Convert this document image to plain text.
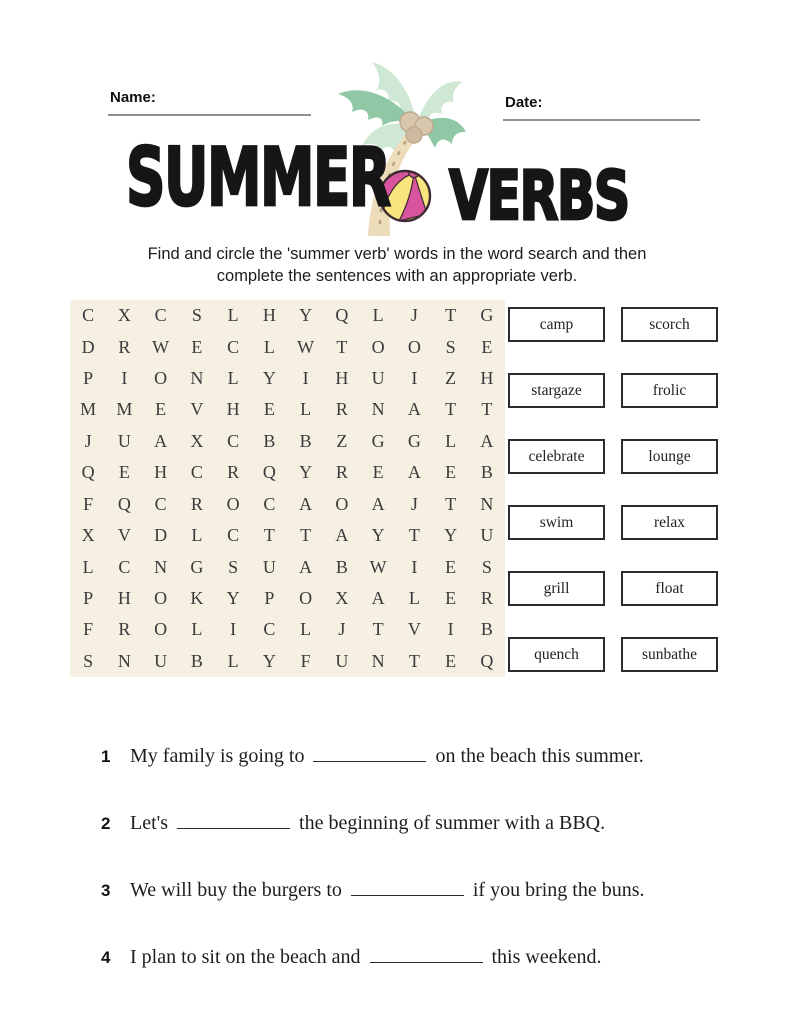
Name:	Date:
SUMMER VERBS
Find and circle the 'summer verb' words in the word search and then
complete the sentences with an appropriate verb.
C	X	C	S	L	H	Y	Q	L	J	T	G
D	R	W	E	C	L	W	T	O	O	S	E
P	I	O	N	L	Y	I	H	U	I	Z	H
M	M	E	V	H	E	L	R	N	A	T	T
J	U	A	X	C	B	B	Z	G	G	L	A
Q	E	H	C	R	Q	Y	R	E	A	E	B
F	Q	C	R	O	C	A	O	A	J	T	N
X	V	D	L	C	T	T	A	Y	T	Y	U
L	C	N	G	S	U	A	B	W	I	E	S
P	H	O	K	Y	P	O	X	A	L	E	R
F	R	O	L	I	C	L	J	T	V	I	B
S	N	U	B	L	Y	F	U	N	T	E	Q
camp	scorch
stargaze	frolic
celebrate	lounge
swim	relax
grill	float
quench	sunbathe
1 My family is going to	on the beach this summer.
2 Let's	the beginning of summer with a BBQ.
3 We will buy the burgers to	if you bring the buns.
4 I plan to sit on the beach and	this weekend.
